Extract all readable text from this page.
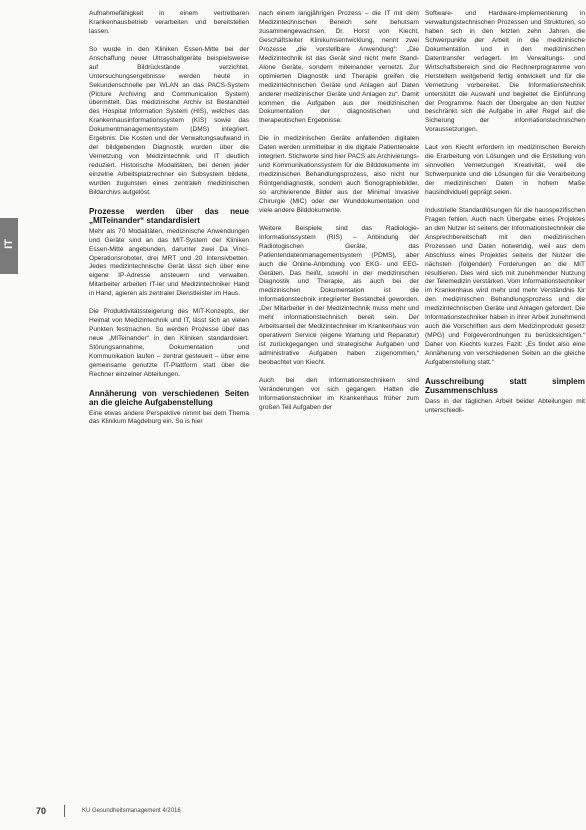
IT

Aufnahmefähigkeit in einem vertretbaren Krankenhausbetrieb verarbeiten und bereitstellen lassen.

So wurde in den Kliniken Essen-Mitte bei der Anschaffung neuer Ultraschallgeräte beispielsweise auf Bildrückstände verzichtet. Untersuchungsergebnisse werden heute in Sekundenschnelle per WLAN an das PACS-System (Picture Archiving and Communication System) übermittelt. Das medizinische Archiv ist Bestandteil des Hospital Information System (HIS), welches das Krankenhausinformationssystem (KIS) sowie das Dokumentmanagementsystem (DMS) integriert. Ergebnis: Die Kosten und der Verwaltungsaufwand in der bildgebenden Diagnostik wurden über die Vernetzung von Medizintechnik und IT deutlich reduziert. Historische Modalitäten, bei denen jeder einzelne Arbeitsplatzrechner ein Subsystem bildete, wurden zugunsten eines zentralen medizinischen Bildarchivs aufgelöst.

Prozesse werden über das neue „MITeinander“ standardisiert

Mehr als 70 Modalitäten, medizinische Anwendungen und Geräte sind an das MIT-System der Kliniken Essen-Mitte angebunden, darunter zwei Da Vinci-Operationsroboter, drei MRT und 20 Intensivbetten. Jedes medizintechnische Gerät lässt sich über eine eigene IP-Adresse ansteuern und verwalten. Mitarbeiter arbeiten IT-ler und Medizintechniker Hand in Hand, agieren als zentraler Dienstleister im Haus.

Die Produktivitätssteigerung des MIT-Konzepts, der Heimat von Medizintechnik und IT, lässt sich an vielen Punkten festmachen. So werden Prozesse über das neue „MITeinander“ in den Kliniken standardisiert. Störungsannahme, Dokumentation und Kommunikation laufen – zentral gesteuert – über eine gemeinsame genutzte IT-Plattform statt über die Rechner einzelner Abteilungen.

Annäherung von verschiedenen Seiten an die gleiche Aufgabenstellung

Eine etwas andere Perspektive nimmt bei dem Thema das Klinikum Magdeburg ein. So is hier

nach einem langjährigen Prozess – die IT mit dem Medizintechnischen Bereich sehr behutsam zusammengewachsen. Dr. Horst von Kiecht, Geschäftsleiter Klinikumsentwicklung, nennt zwei Prozesse „die vorstellbare Anwendung“: „Die Medizintechnik ist das Gerät sind nicht mehr Stand-Alone Geräte, sondern miteinander vernetzt. Zur optimierten Diagnostik und Therapie greifen die medizintechnischen Geräte und Anlagen auf Daten anderer medizinischer Geräte und Anlagen zu“. Damit kommen die Aufgaben aus der medizinischen Dokumentation der diagnostischen und therapeutischen Ergebnisse.

Die in medizinischen Geräte anfallenden digitalen Daten werden unmittelbar in die digitale Patientenakte integriert. Stichworte sind hier PACS als Archivierungs- und Kommunikationssystem für die Bilddokumente im medizinischen Behandlungsprozess, also nicht nur Röntgendiagnostik, sondern auch Sonographiebilder, so archivierende Bilder aus der Minimal Invasive Chirurgie (MIC) oder der Wunddokumentation und viele andere Bilddokumente.

Weitere Beispiele sind das Radiologie-Informationssystem (RIS) – Anbindung der Radiologischen Geräte, das Patientendatenmanagementsystem (PDMS), aber auch die Online-Anbindung von EKG- und EEG-Geräten. Das heißt, sowohl in der medizinischen Diagnostik und Therapie, als auch bei der medizinischen Dokumentation ist die Informationstechnik integrierter Bestandteil geworden. „Der Mitarbeiter in der Medizintechnik muss mehr und mehr informationstechnisch bereit sein. Der Arbeitsanteil der Medizintechniker im Krankenhaus von operativem Service (eigene Wartung und Reparatur) ist zurückgegangen und strategische Aufgaben und administrative Aufgaben haben zugenommen,“ beobachtet von Kiecht.

Auch bei den Informationstechnikern sind Veränderungen vor sich gegangen. Hatten die Informationstechniker im Krankenhaus früher zum großen Teil Aufgaben der

Software- und Hardware-Implementierung in verwaltungstechnischen Prozessen und Strukturen, so haben sich in den letzten zehn Jahren die Schwerpunkte der Arbeit in die medizinische Dokumentation und in den medizinischen Datentransfer verlagert. Im Verwaltungs- und Wirtschaftsbereich sind die Rechnerprogramme von Herstellern weitgehend fertig entwickelt und für die Vernetzung vorbereitet. Die Informationstechnik unterstützt die Auswahl und begleitet die Einführung der Programme. Nach der Übergabe an den Nutzer beschränkt sich die Aufgabe in aller Regel auf die Sicherung der informationstechnischen Voraussetzungen.

Laut von Kiecht erfordern im medizinischen Bereich die Erarbeitung von Lösungen und die Erstellung von sinnvollen Vernetzungen Kreativität, weil die Schwerpunkte und die Lösungen für die Verarbeitung der medizinischen Daten in hohem Maße hausindividuell geprägt seien.

Industrielle Standardlösungen für die hausspezifischen Fragen fehlen. Auch nach Übergabe eines Projektes an den Nutzer ist seitens der Informationstechniker die Ansprechbereitschaft mit den medizinischen Prozessen und Daten notwendig, weil aus dem Abschluss eines Projektes seitens der Nutzer die nächsten (folgenden) Forderungen an die MIT resultieren. Dies wird sich mit zunehmender Nutzung der Telemedizin verstärken. Vom Informationstechniker im Krankenhaus wird mehr und mehr Verständnis für den medizinischen Behandlungsprozess und die medizintechnischen Geräte und Anlagen gefordert. Die Informationstechniker haben in ihrer Arbeit zunehmend auch die Vorschriften aus dem Medizinprodukt gesetz (MPG) und Folgeverordnungen zu berücksichtigen.“ Daher von Kiechts kurzes Fazit: „Es findet also eine Annäherung von verschiedenen Seiten an die gleiche Aufgabenstellung statt.“

Ausschreibung statt simplem Zusammenschluss

Dass in der täglichen Arbeit beider Abteilungen mit unterschiedli-

70	KU Gesundheitsmanagement 4/2016
